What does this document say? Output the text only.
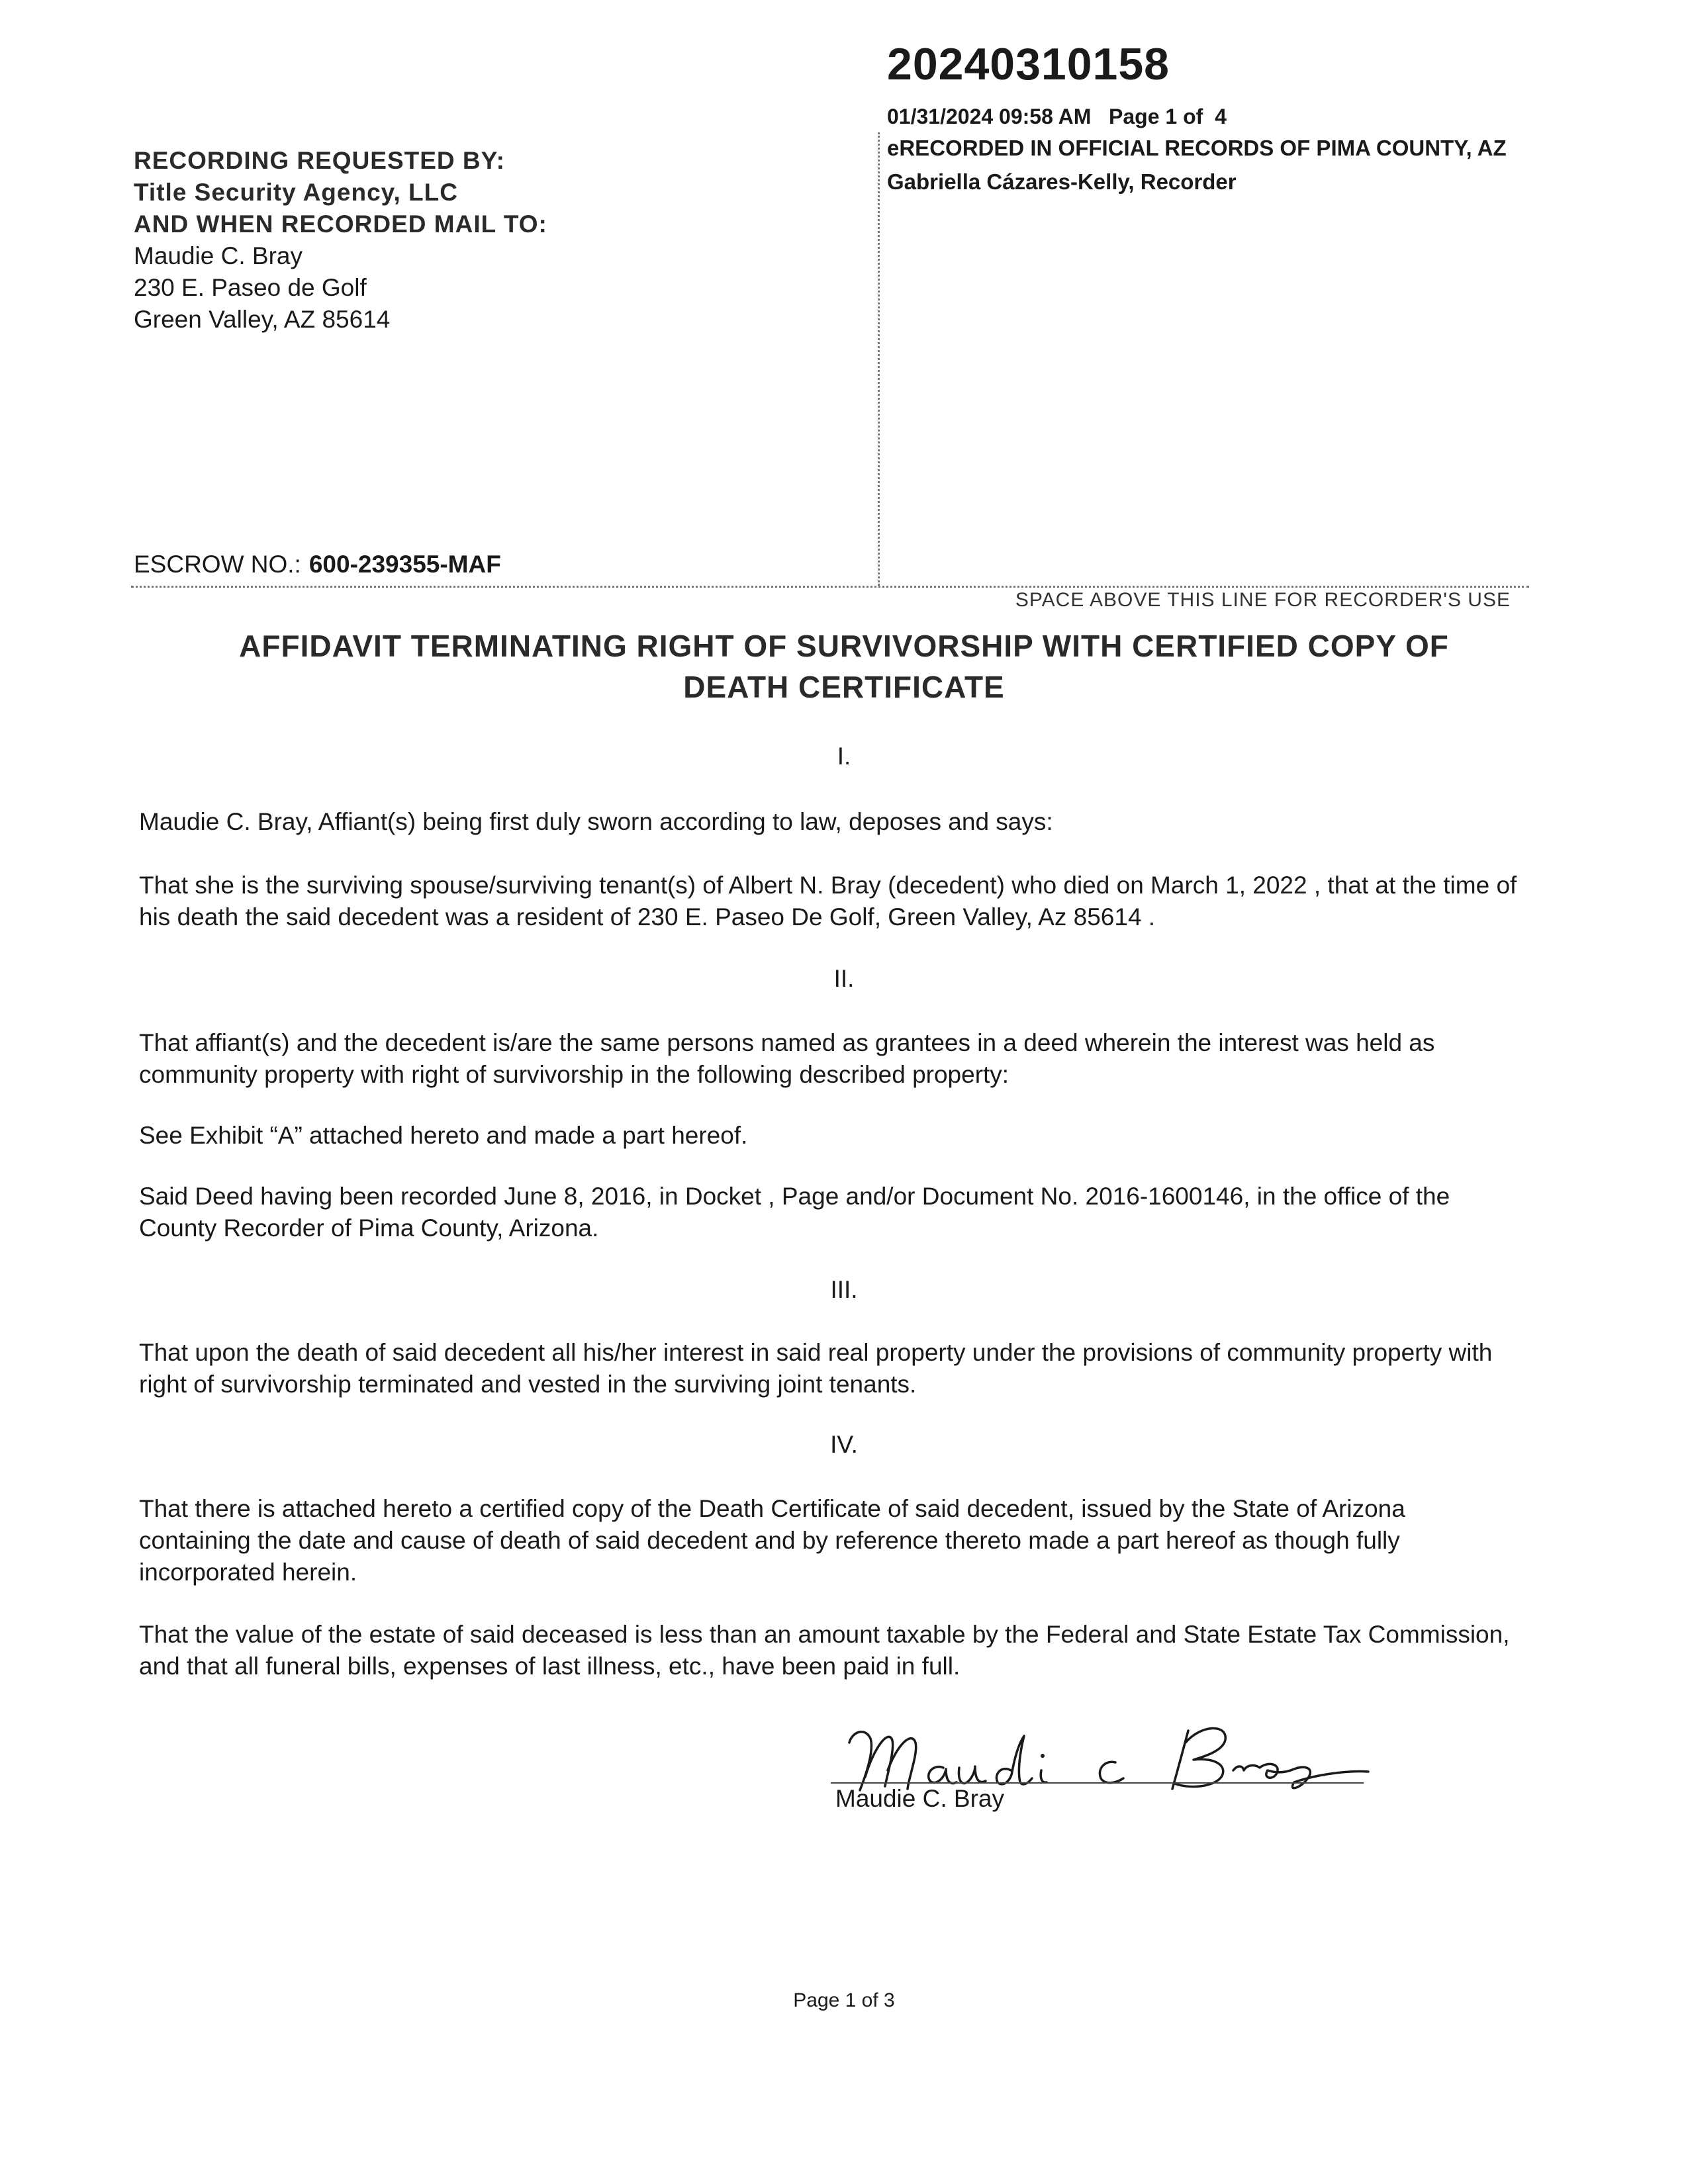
20240310158
01/31/2024 09:58 AM Page 1 of  4
eRECORDED IN OFFICIAL RECORDS OF PIMA COUNTY, AZ
Gabriella Cázares-Kelly, Recorder
RECORDING REQUESTED BY:
Title Security Agency, LLC
AND WHEN RECORDED MAIL TO:
Maudie C. Bray
230 E. Paseo de Golf
Green Valley, AZ 85614
ESCROW NO.: 600-239355-MAF
SPACE ABOVE THIS LINE FOR RECORDER'S USE
AFFIDAVIT TERMINATING RIGHT OF SURVIVORSHIP WITH CERTIFIED COPY OF
DEATH CERTIFICATE
I.
Maudie C. Bray, Affiant(s) being first duly sworn according to law, deposes and says:
That she is the surviving spouse/surviving tenant(s) of Albert N. Bray (decedent) who died on March 1, 2022 , that at the time of his death the said decedent was a resident of 230 E. Paseo De Golf, Green Valley, Az 85614 .
II.
That affiant(s) and the decedent is/are the same persons named as grantees in a deed wherein the interest was held as community property with right of survivorship in the following described property:
See Exhibit “A” attached hereto and made a part hereof.
Said Deed having been recorded June 8, 2016, in Docket , Page and/or Document No. 2016-1600146, in the office of the County Recorder of Pima County, Arizona.
III.
That upon the death of said decedent all his/her interest in said real property under the provisions of community property with right of survivorship terminated and vested in the surviving joint tenants.
IV.
That there is attached hereto a certified copy of the Death Certificate of said decedent, issued by the State of Arizona containing the date and cause of death of said decedent and by reference thereto made a part hereof as though fully incorporated herein.
That the value of the estate of said deceased is less than an amount taxable by the Federal and State Estate Tax Commission, and that all funeral bills, expenses of last illness, etc., have been paid in full.
Maudie C. Bray
Page 1 of 3
